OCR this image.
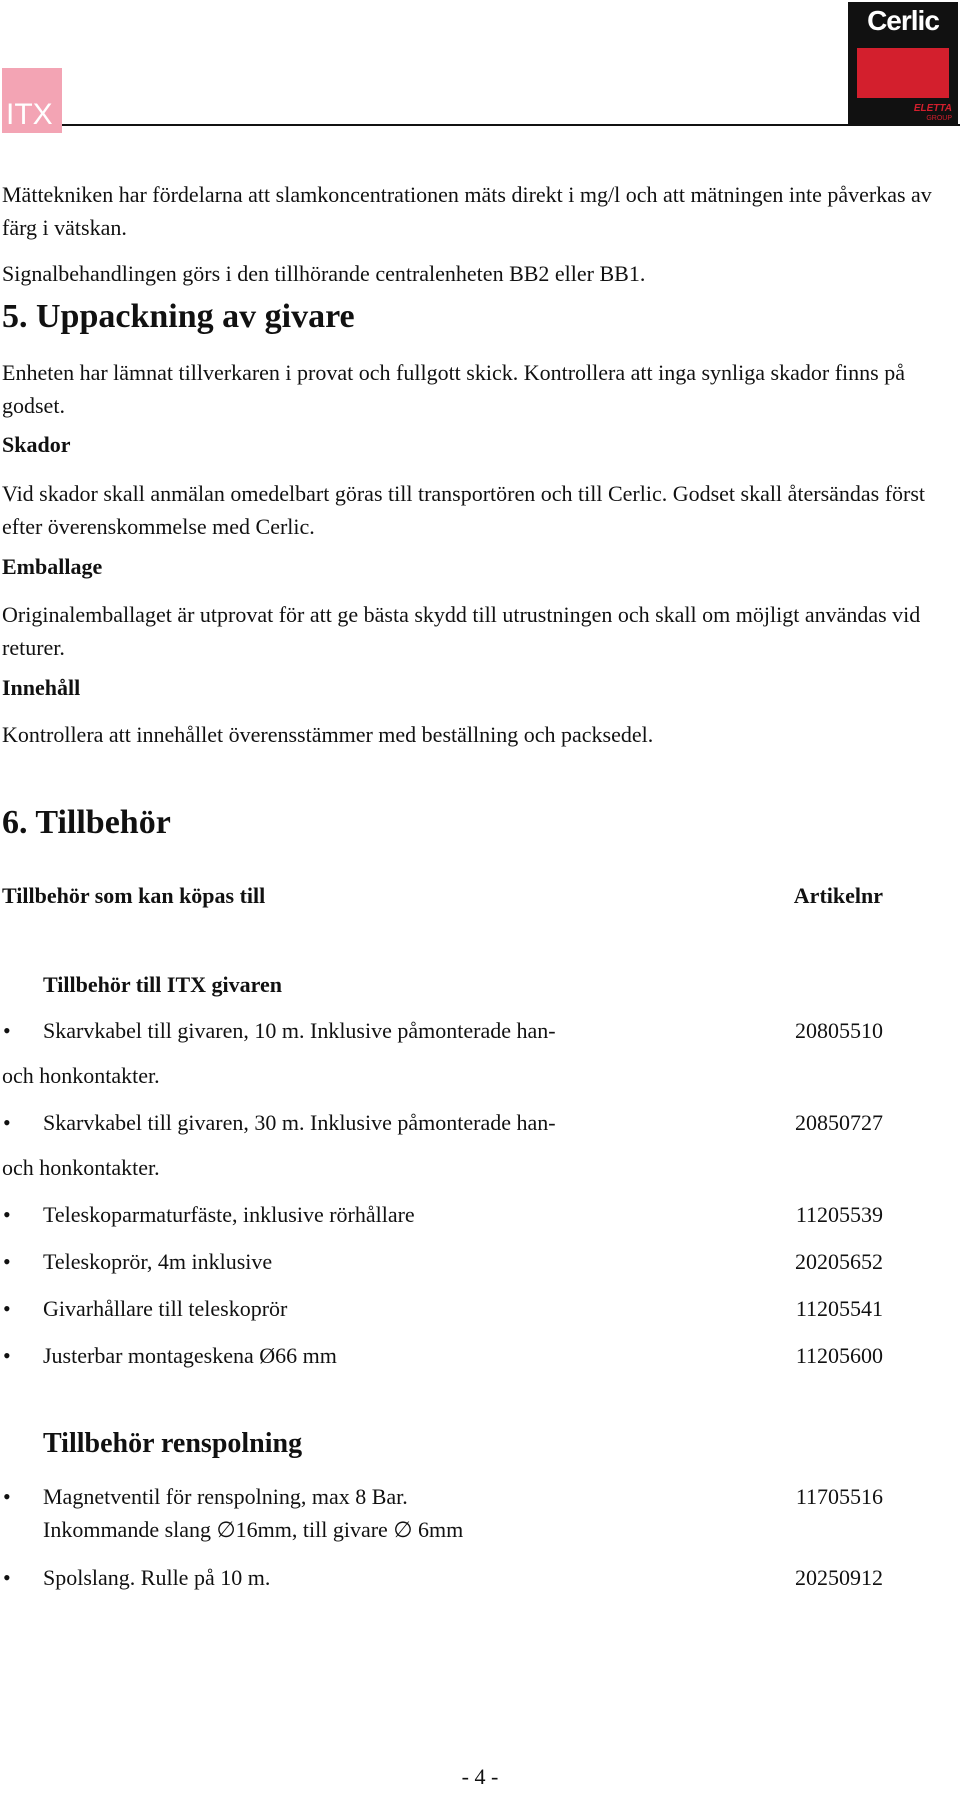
ITX
Cerlic
ELETTA
GROUP
Mättekniken har fördelarna att slamkoncentrationen mäts direkt i mg/l och att mätningen inte påverkas av färg i vätskan.
Signalbehandlingen görs i den tillhörande centralenheten BB2 eller BB1.
5. Uppackning av givare
Enheten har lämnat tillverkaren i provat och fullgott skick. Kontrollera att inga synliga skador finns på godset.
Skador
Vid skador skall anmälan omedelbart göras till transportören och till Cerlic. Godset skall återsändas först efter överenskommelse med Cerlic.
Emballage
Originalemballaget är utprovat för att ge bästa skydd till utrustningen och skall om möjligt användas vid returer.
Innehåll
Kontrollera att innehållet överensstämmer med beställning och packsedel.
6. Tillbehör
Tillbehör som kan köpas till	Artikelnr
Tillbehör till ITX givaren
• Skarvkabel till givaren, 10 m. Inklusive påmonterade han-	20805510
och honkontakter.
• Skarvkabel till givaren, 30 m. Inklusive påmonterade han-	20850727
och honkontakter.
• Teleskoparmaturfäste, inklusive rörhållare	11205539
• Teleskoprör, 4m inklusive	20205652
• Givarhållare till teleskoprör	11205541
• Justerbar montageskena Ø66 mm	11205600
Tillbehör renspolning
• Magnetventil för renspolning, max 8 Bar.	11705516
Inkommande slang ∅16mm, till givare ∅ 6mm
• Spolslang. Rulle på 10 m.	20250912
- 4 -
